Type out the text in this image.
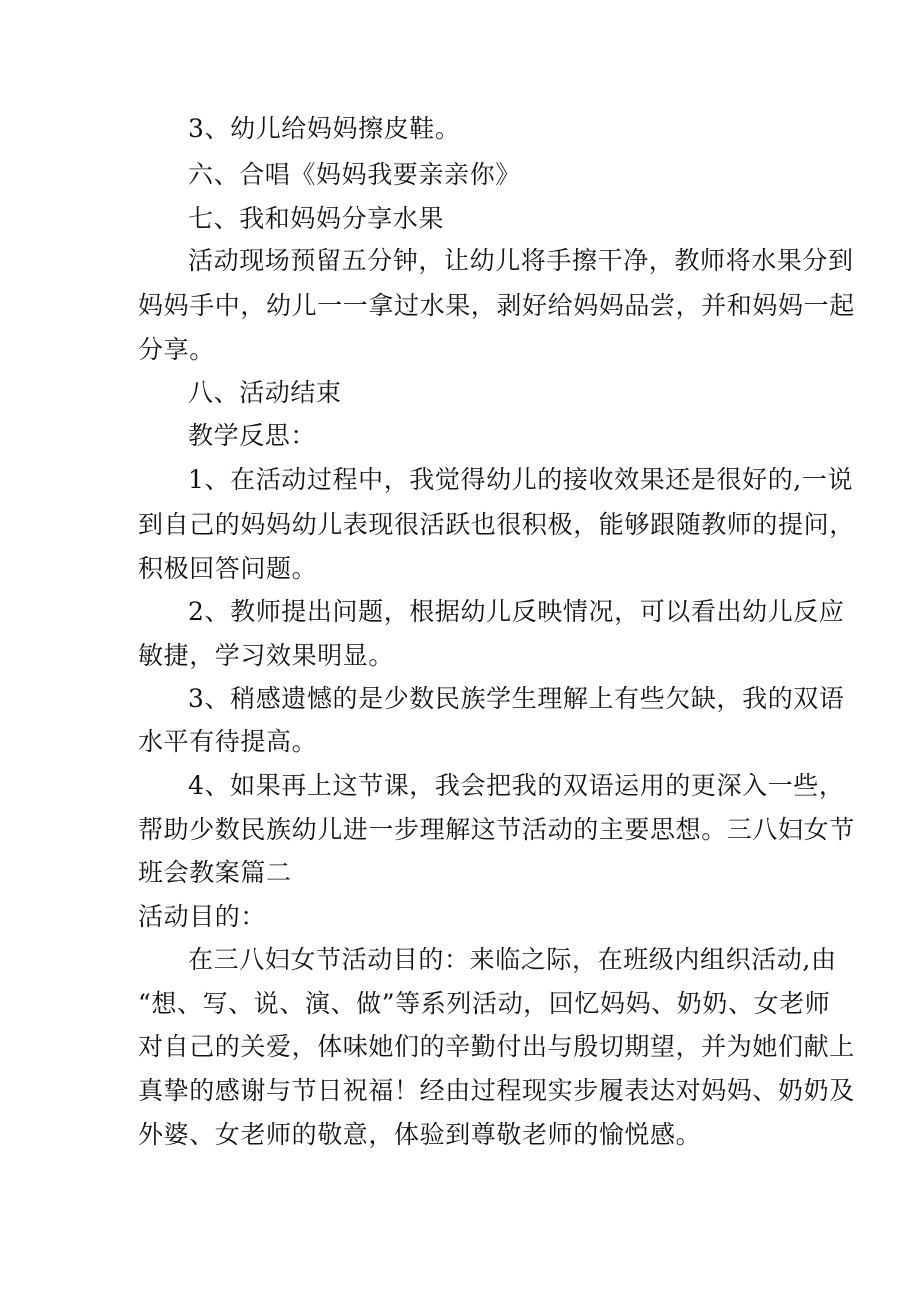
3、幼儿给妈妈擦皮鞋。
六、合唱《妈妈我要亲亲你》
七、我和妈妈分享水果
活动现场预留五分钟，让幼儿将手擦干净，教师将水果分到
妈妈手中，幼儿一一拿过水果，剥好给妈妈品尝，并和妈妈一起
分享。
八、活动结束
教学反思：
1、在活动过程中，我觉得幼儿的接收效果还是很好的,一说
到自己的妈妈幼儿表现很活跃也很积极，能够跟随教师的提问，
积极回答问题。
2、教师提出问题，根据幼儿反映情况，可以看出幼儿反应
敏捷，学习效果明显。
3、稍感遗憾的是少数民族学生理解上有些欠缺，我的双语
水平有待提高。
4、如果再上这节课，我会把我的双语运用的更深入一些，
帮助少数民族幼儿进一步理解这节活动的主要思想。三八妇女节
班会教案篇二
活动目的：
在三八妇女节活动目的：来临之际，在班级内组织活动,由
“想、写、说、演、做”等系列活动，回忆妈妈、奶奶、女老师
对自己的关爱，体味她们的辛勤付出与殷切期望，并为她们献上
真挚的感谢与节日祝福！经由过程现实步履表达对妈妈、奶奶及
外婆、女老师的敬意，体验到尊敬老师的愉悦感。
